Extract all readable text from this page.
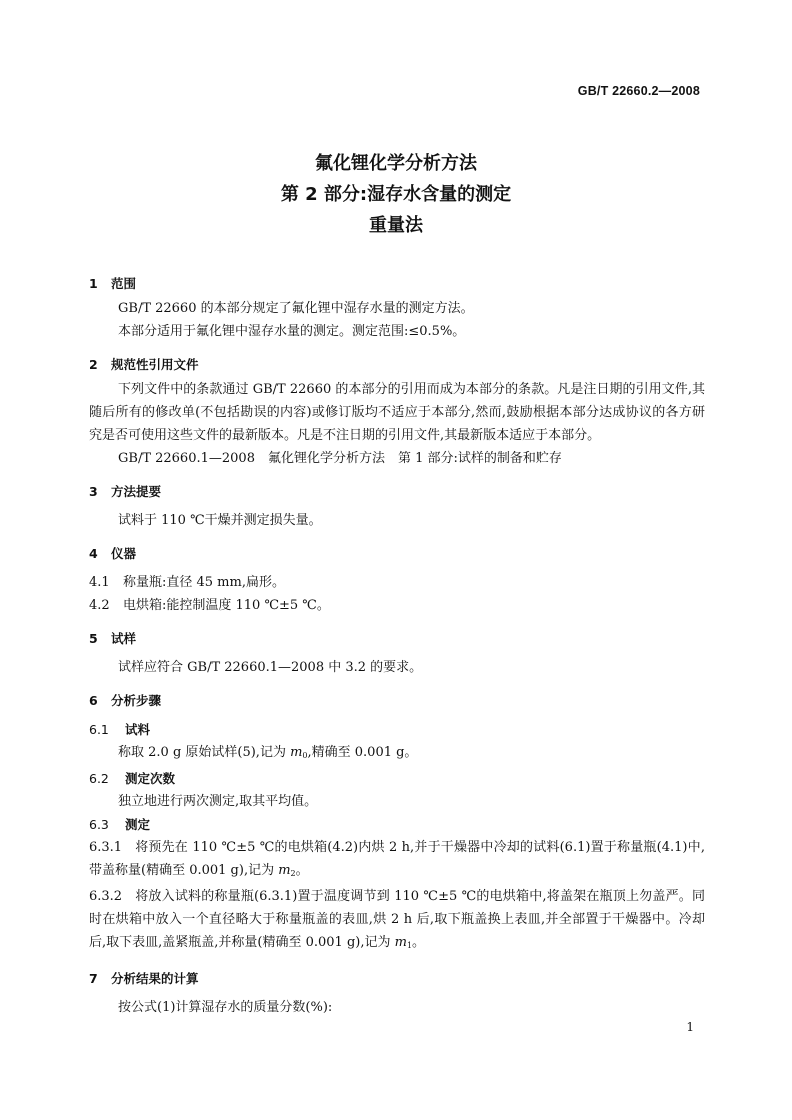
GB/T 22660.2—2008
氟化锂化学分析方法
第 2 部分:湿存水含量的测定
重量法
1 范围
GB/T 22660 的本部分规定了氟化锂中湿存水量的测定方法。
本部分适用于氟化锂中湿存水量的测定。测定范围:≤0.5%。
2 规范性引用文件
下列文件中的条款通过 GB/T 22660 的本部分的引用而成为本部分的条款。凡是注日期的引用文件,其随后所有的修改单(不包括勘误的内容)或修订版均不适应于本部分,然而,鼓励根据本部分达成协议的各方研究是否可使用这些文件的最新版本。凡是不注日期的引用文件,其最新版本适应于本部分。
GB/T 22660.1—2008　氟化锂化学分析方法　第 1 部分:试样的制备和贮存
3 方法提要
试料于 110 ℃干燥并测定损失量。
4 仪器
4.1 称量瓶:直径 45 mm,扁形。
4.2 电烘箱:能控制温度 110 ℃±5 ℃。
5 试样
试样应符合 GB/T 22660.1—2008 中 3.2 的要求。
6 分析步骤
6.1 试料
称取 2.0 g 原始试样(5),记为 $m_0$,精确至 0.001 g。
6.2 测定次数
独立地进行两次测定,取其平均值。
6.3 测定
6.3.1 将预先在 110 ℃±5 ℃的电烘箱(4.2)内烘 2 h,并于干燥器中冷却的试料(6.1)置于称量瓶(4.1)中,带盖称量(精确至 0.001 g),记为 $m_2$。
6.3.2 将放入试料的称量瓶(6.3.1)置于温度调节到 110 ℃±5 ℃的电烘箱中,将盖架在瓶顶上勿盖严。同时在烘箱中放入一个直径略大于称量瓶盖的表皿,烘 2 h 后,取下瓶盖换上表皿,并全部置于干燥器中。冷却后,取下表皿,盖紧瓶盖,并称量(精确至 0.001 g),记为 $m_1$。
7 分析结果的计算
按公式(1)计算湿存水的质量分数(%):
1
